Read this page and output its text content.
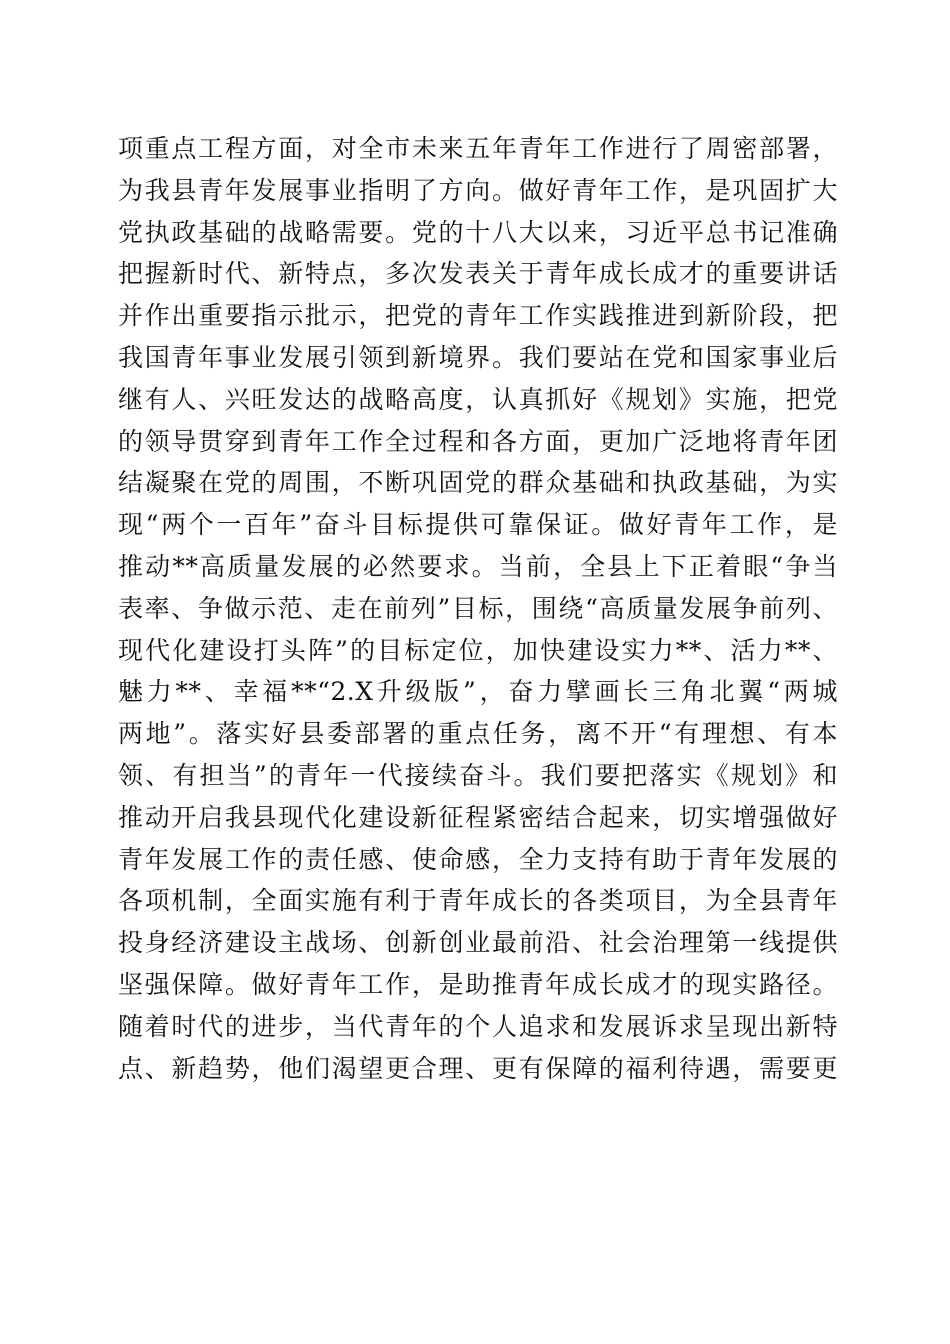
项重点工程方面，对全市未来五年青年工作进行了周密部署，
为我县青年发展事业指明了方向。做好青年工作，是巩固扩大
党执政基础的战略需要。党的十八大以来，习近平总书记准确
把握新时代、新特点，多次发表关于青年成长成才的重要讲话
并作出重要指示批示，把党的青年工作实践推进到新阶段，把
我国青年事业发展引领到新境界。我们要站在党和国家事业后
继有人、兴旺发达的战略高度，认真抓好《规划》实施，把党
的领导贯穿到青年工作全过程和各方面，更加广泛地将青年团
结凝聚在党的周围，不断巩固党的群众基础和执政基础，为实
现“两个一百年”奋斗目标提供可靠保证。做好青年工作，是
推动**高质量发展的必然要求。当前，全县上下正着眼“争当
表率、争做示范、走在前列”目标，围绕“高质量发展争前列、
现代化建设打头阵”的目标定位，加快建设实力**、活力**、
魅力**、幸福**“2.X升级版”，奋力擘画长三角北翼“两城
两地”。落实好县委部署的重点任务，离不开“有理想、有本
领、有担当”的青年一代接续奋斗。我们要把落实《规划》和
推动开启我县现代化建设新征程紧密结合起来，切实增强做好
青年发展工作的责任感、使命感，全力支持有助于青年发展的
各项机制，全面实施有利于青年成长的各类项目，为全县青年
投身经济建设主战场、创新创业最前沿、社会治理第一线提供
坚强保障。做好青年工作，是助推青年成长成才的现实路径。
随着时代的进步，当代青年的个人追求和发展诉求呈现出新特
点、新趋势，他们渴望更合理、更有保障的福利待遇，需要更
